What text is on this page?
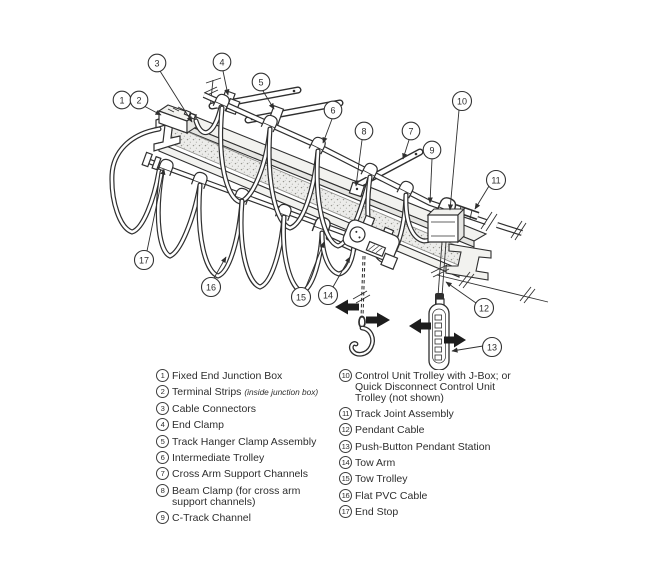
1 2
3	4
5
6
7
8
9
10
11
12
13
14
15
16
17
1 Fixed End Junction Box
2 Terminal Strips (inside junction box)
3 Cable Connectors
4 End Clamp
5 Track Hanger Clamp Assembly
6 Intermediate Trolley
7 Cross Arm Support Channels
8 Beam Clamp (for cross arm support channels)
9 C-Track Channel
10 Control Unit Trolley with J-Box; or Quick Disconnect Control Unit Trolley (not shown)
11 Track Joint Assembly
12 Pendant Cable
13 Push-Button Pendant Station
14 Tow Arm
15 Tow Trolley
16 Flat PVC Cable
17 End Stop
